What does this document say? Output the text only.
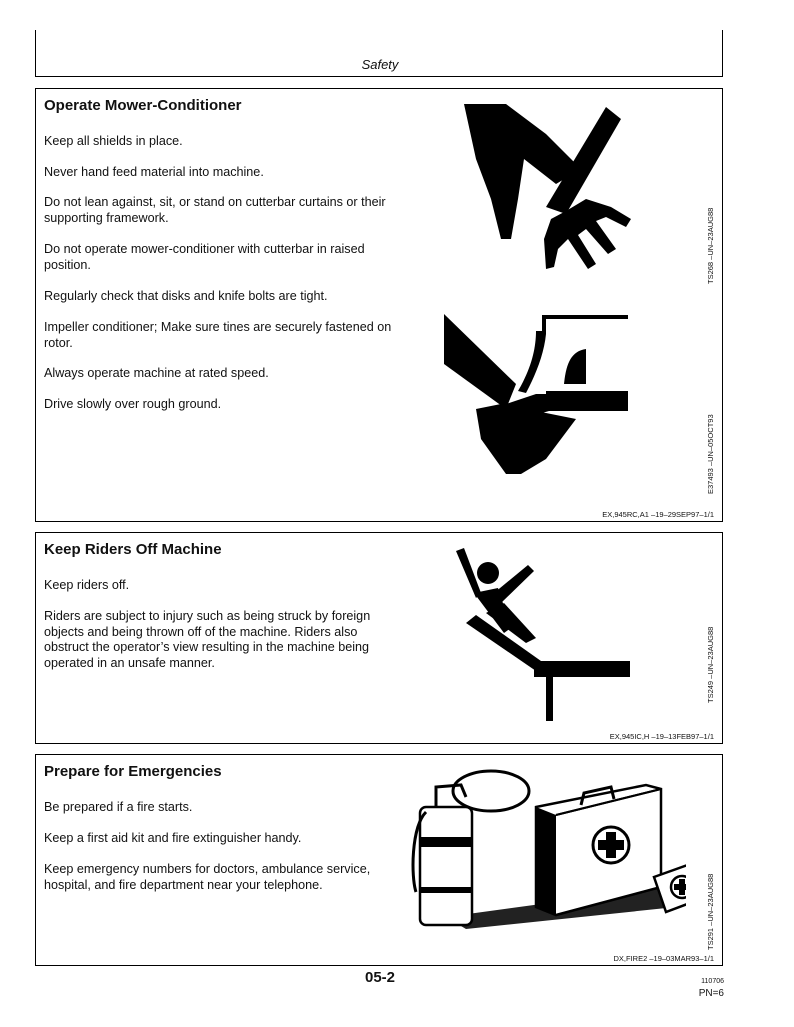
Safety
Operate Mower-Conditioner

Keep all shields in place.

Never hand feed material into machine.

Do not lean against, sit, or stand on cutterbar curtains or their supporting framework.

Do not operate mower-conditioner with cutterbar in raised position.

Regularly check that disks and knife bolts are tight.

Impeller conditioner; Make sure tines are securely fastened on rotor.

Always operate machine at rated speed.

Drive slowly over rough ground.

TS268 –UN–23AUG88
E37493 –UN–05OCT93
EX,945RC,A1 –19–29SEP97–1/1
Keep Riders Off Machine

Keep riders off.

Riders are subject to injury such as being struck by foreign objects and being thrown off of the machine. Riders also obstruct the operator’s view resulting in the machine being operated in an unsafe manner.	TS249 –UN–23AUG88
EX,945IC,H –19–13FEB97–1/1
Prepare for Emergencies

Be prepared if a fire starts.

Keep a first aid kit and fire extinguisher handy.

Keep emergency numbers for doctors, ambulance service, hospital, and fire department near your telephone.	TS291 –UN–23AUG88
DX,FIRE2 –19–03MAR93–1/1
05-2	110706
PN=6
